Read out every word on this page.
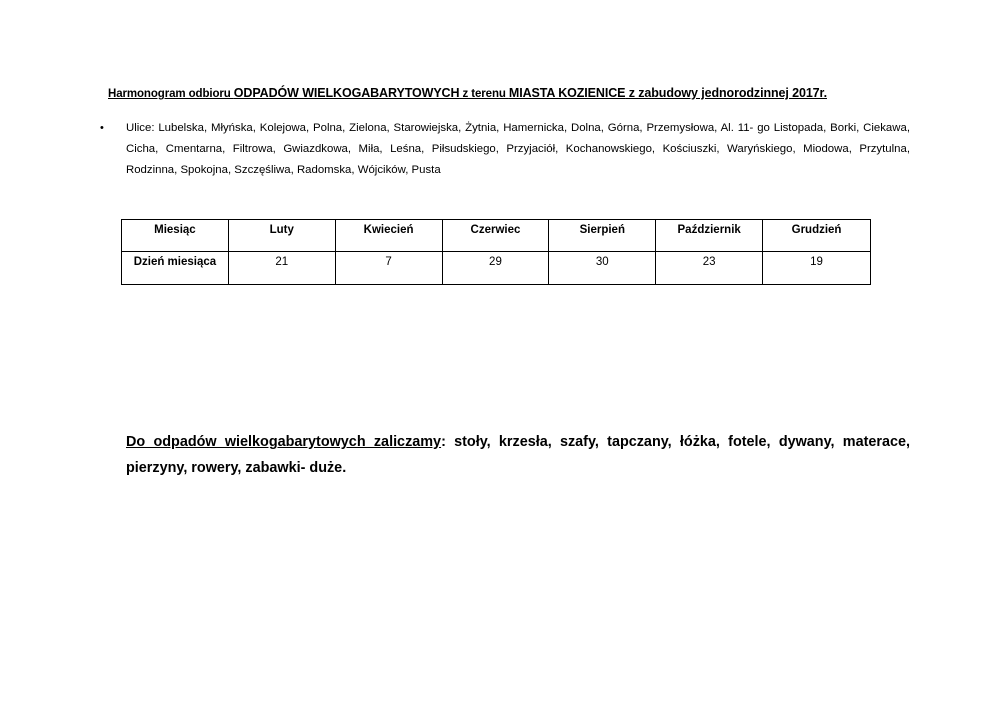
Harmonogram odbioru ODPADÓW WIELKOGABARYTOWYCH z terenu MIASTA KOZIENICE z zabudowy jednorodzinnej 2017r.
• Ulice: Lubelska, Młyńska, Kolejowa, Polna, Zielona, Starowiejska, Żytnia, Hamernicka, Dolna, Górna, Przemysłowa, Al. 11- go Listopada, Borki, Ciekawa, Cicha, Cmentarna, Filtrowa, Gwiazdkowa, Miła, Leśna, Piłsudskiego, Przyjaciół, Kochanowskiego, Kościuszki, Waryńskiego, Miodowa, Przytulna, Rodzinna, Spokojna, Szczęśliwa, Radomska, Wójcików, Pusta
Miesiąc	Luty	Kwiecień	Czerwiec	Sierpień	Październik	Grudzień
Dzień miesiąca	21	7	29	30	23	19
Do odpadów wielkogabarytowych zaliczamy: stoły, krzesła, szafy, tapczany, łóżka, fotele, dywany, materace, pierzyny, rowery, zabawki- duże.
